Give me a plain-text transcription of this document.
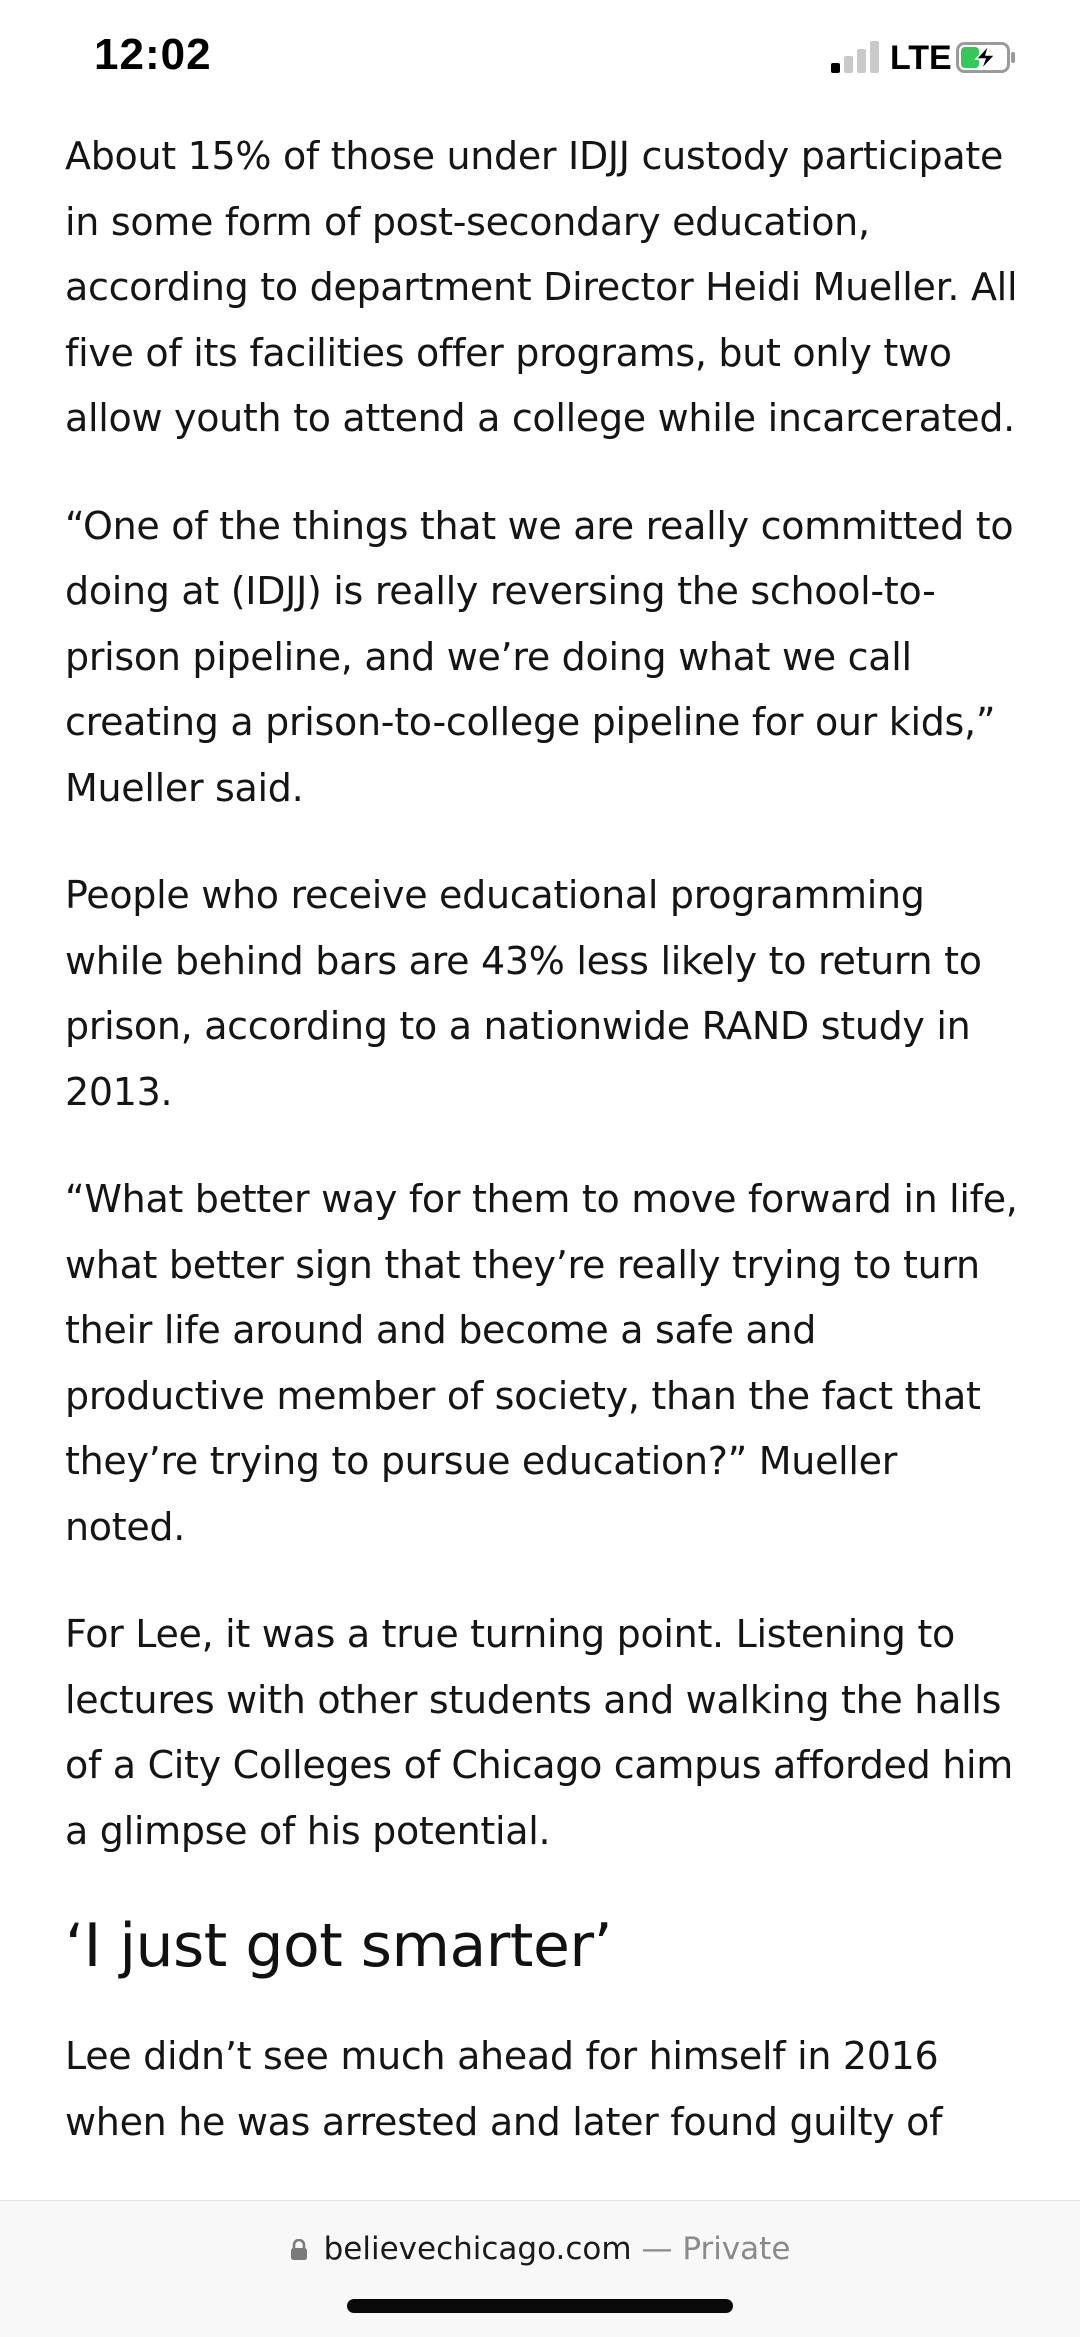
12:02	LTE

About 15% of those under IDJJ custody participate in some form of post-secondary education, according to department Director Heidi Mueller. All five of its facilities offer programs, but only two allow youth to attend a college while incarcerated.

“One of the things that we are really committed to doing at (IDJJ) is really reversing the school-to-prison pipeline, and we’re doing what we call creating a prison-to-college pipeline for our kids,” Mueller said.

People who receive educational programming while behind bars are 43% less likely to return to prison, according to a nationwide RAND study in 2013.

“What better way for them to move forward in life, what better sign that they’re really trying to turn their life around and become a safe and productive member of society, than the fact that they’re trying to pursue education?” Mueller noted.

For Lee, it was a true turning point. Listening to lectures with other students and walking the halls of a City Colleges of Chicago campus afforded him a glimpse of his potential.

‘I just got smarter’

Lee didn’t see much ahead for himself in 2016 when he was arrested and later found guilty of

believechicago.com — Private
